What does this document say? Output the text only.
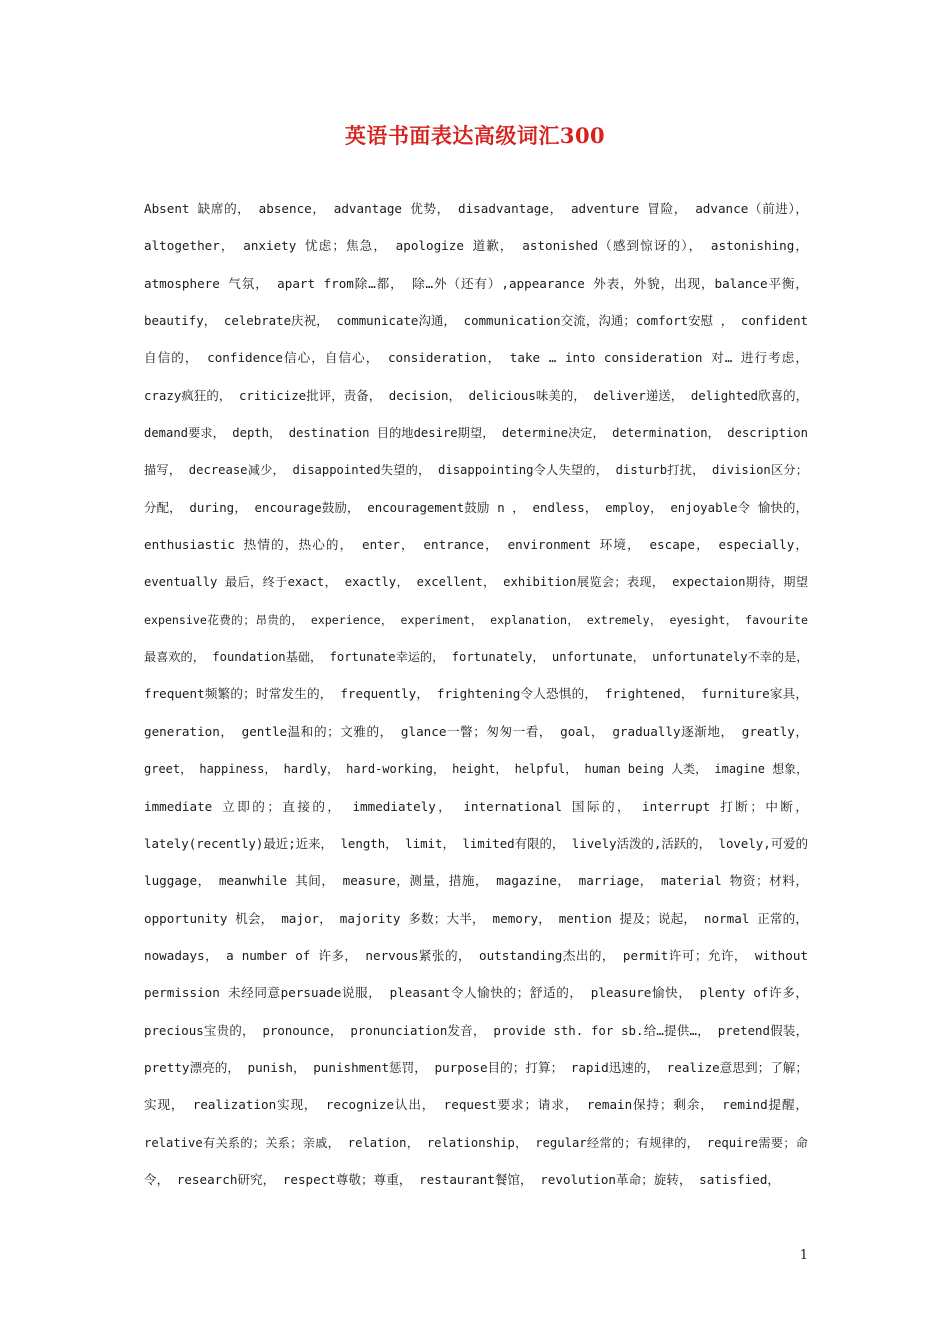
英语书面表达高级词汇300
Absent 缺席的， absence， advantage 优势， disadvantage， adventure 冒险， advance（前进），
altogether， anxiety 忧虑；焦急， apologize 道歉， astonished（感到惊讶的）， astonishing，
atmosphere 气氛， apart from除…都， 除…外（还有）,appearance 外表，外貌，出现，balance平衡，
beautify， celebrate庆祝， communicate沟通， communication交流，沟通；comfort安慰 ， confident
自信的， confidence信心，自信心， consideration， take … into consideration 对… 进行考虑，
crazy疯狂的， criticize批评，责备， decision， delicious味美的， deliver递送， delighted欣喜的，
demand要求， depth， destination 目的地desire期望， determine决定， determination， description
描写， decrease减少， disappointed失望的， disappointing令人失望的， disturb打扰， division区分；
分配， during， encourage鼓励， encouragement鼓励 n ， endless， employ， enjoyable令 愉快的，
enthusiastic 热情的，热心的， enter， entrance， environment 环境， escape， especially，
eventually 最后，终于exact， exactly， excellent， exhibition展览会；表现， expectaion期待，期望
expensive花费的；昂贵的， experience， experiment， explanation， extremely， eyesight， favourite
最喜欢的， foundation基础， fortunate幸运的， fortunately， unfortunate， unfortunately不幸的是，
frequent频繁的；时常发生的， frequently， frightening令人恐惧的， frightened， furniture家具，
generation， gentle温和的；文雅的， glance一瞥；匆匆一看， goal， gradually逐渐地， greatly，
greet， happiness， hardly， hard-working， height， helpful， human being 人类， imagine 想象，
immediate 立即的；直接的， immediately， international 国际的， interrupt 打断；中断，
lately(recently)最近;近来， length， limit， limited有限的， lively活泼的,活跃的， lovely,可爱的
luggage， meanwhile 其间， measure，测量，措施， magazine， marriage， material 物资；材料，
opportunity 机会， major， majority 多数；大半， memory， mention 提及；说起， normal 正常的，
nowadays， a number of 许多， nervous紧张的， outstanding杰出的， permit许可；允许， without
permission 未经同意persuade说服， pleasant令人愉快的；舒适的， pleasure愉快， plenty of许多，
precious宝贵的， pronounce， pronunciation发音， provide sth. for sb.给…提供…， pretend假装，
pretty漂亮的， punish， punishment惩罚， purpose目的；打算； rapid迅速的， realize意思到；了解；
实现， realization实现， recognize认出， request要求；请求， remain保持；剩余， remind提醒，
relative有关系的；关系；亲戚， relation， relationship， regular经常的；有规律的， require需要；命
令， research研究， respect尊敬；尊重， restaurant餐馆， revolution革命；旋转， satisfied，
1
